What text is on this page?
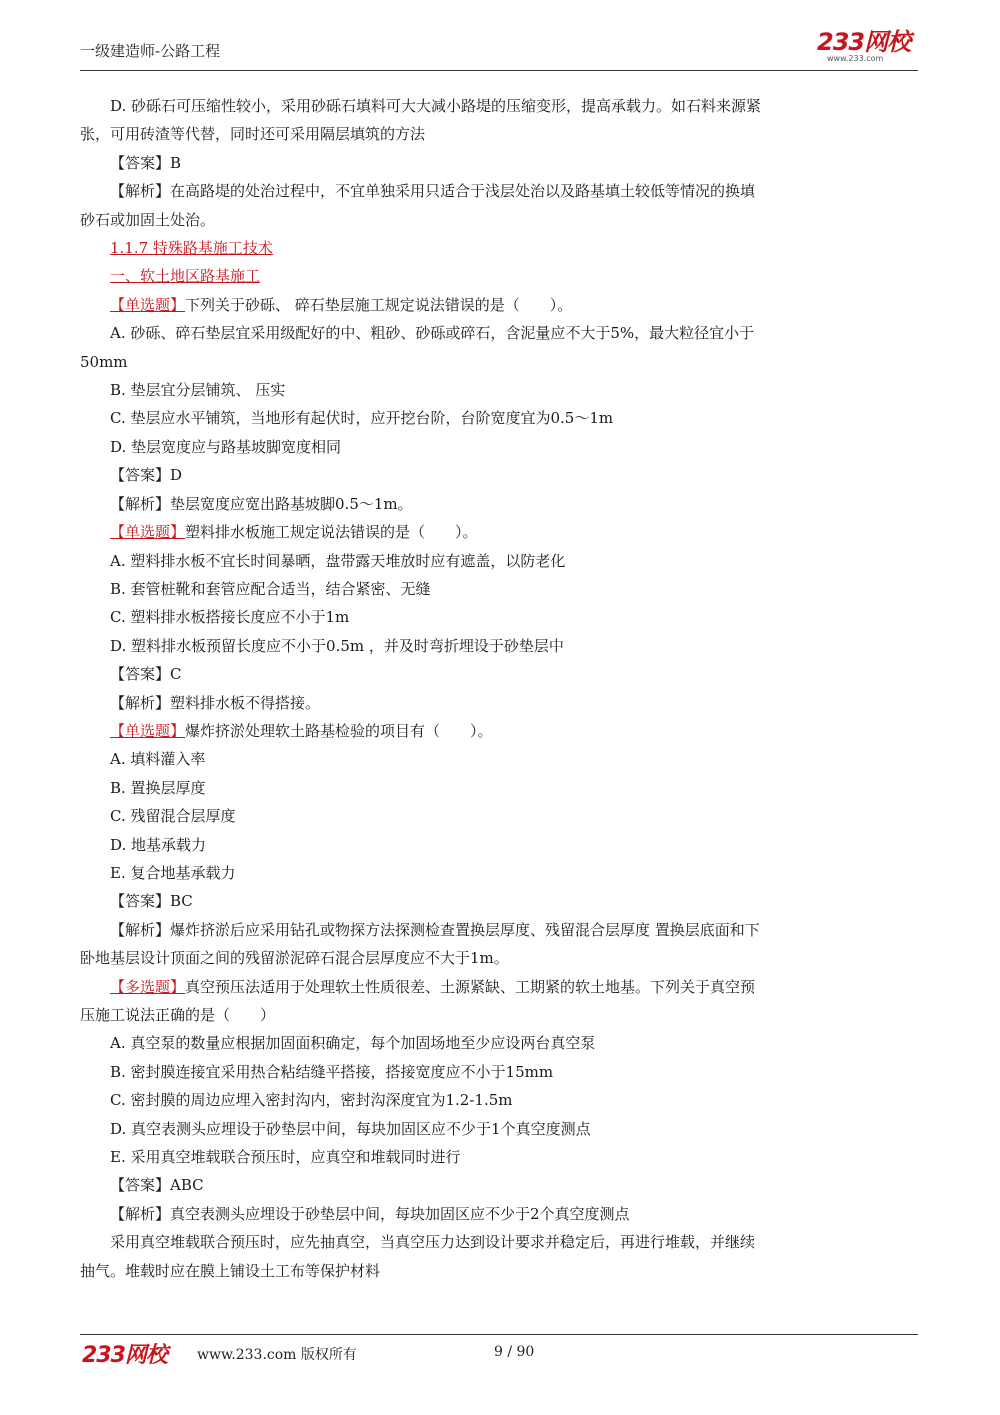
一级建造师-公路工程	233网校
www.233.com
D. 砂砾石可压缩性较小，采用砂砾石填料可大大减小路堤的压缩变形，提高承载力。如石料来源紧
张，可用砖渣等代替，同时还可采用隔层填筑的方法
【答案】B
【解析】在高路堤的处治过程中，不宜单独采用只适合于浅层处治以及路基填土较低等情况的换填
砂石或加固土处治。
1.1.7 特殊路基施工技术
一、软土地区路基施工
【单选题】下列关于砂砾、 碎石垫层施工规定说法错误的是（　　）。
A. 砂砾、碎石垫层宜采用级配好的中、粗砂、砂砾或碎石，含泥量应不大于5%，最大粒径宜小于
50mm
B. 垫层宜分层铺筑、 压实
C. 垫层应水平铺筑，当地形有起伏时，应开挖台阶，台阶宽度宜为0.5～1m
D. 垫层宽度应与路基坡脚宽度相同
【答案】D
【解析】垫层宽度应宽出路基坡脚0.5～1m。
【单选题】塑料排水板施工规定说法错误的是（　　）。
A. 塑料排水板不宜长时间暴晒，盘带露天堆放时应有遮盖，以防老化
B. 套管桩靴和套管应配合适当，结合紧密、无缝
C. 塑料排水板搭接长度应不小于1m
D. 塑料排水板预留长度应不小于0.5m ，并及时弯折埋设于砂垫层中
【答案】C
【解析】塑料排水板不得搭接。
【单选题】爆炸挤淤处理软土路基检验的项目有（　　）。
A. 填料灌入率
B. 置换层厚度
C. 残留混合层厚度
D. 地基承载力
E. 复合地基承载力
【答案】BC
【解析】爆炸挤淤后应采用钻孔或物探方法探测检查置换层厚度、残留混合层厚度 置换层底面和下
卧地基层设计顶面之间的残留淤泥碎石混合层厚度应不大于1m。
【多选题】真空预压法适用于处理软土性质很差、土源紧缺、工期紧的软土地基。下列关于真空预
压施工说法正确的是（　　）
A. 真空泵的数量应根据加固面积确定，每个加固场地至少应设两台真空泵
B. 密封膜连接宜采用热合粘结缝平搭接，搭接宽度应不小于15mm
C. 密封膜的周边应埋入密封沟内，密封沟深度宜为1.2-1.5m
D. 真空表测头应埋设于砂垫层中间，每块加固区应不少于1个真空度测点
E. 采用真空堆载联合预压时，应真空和堆载同时进行
【答案】ABC
【解析】真空表测头应埋设于砂垫层中间，每块加固区应不少于2个真空度测点
采用真空堆载联合预压时，应先抽真空，当真空压力达到设计要求并稳定后，再进行堆载，并继续
抽气。堆载时应在膜上铺设土工布等保护材料
233网校 www.233.com 版权所有	9 / 90
